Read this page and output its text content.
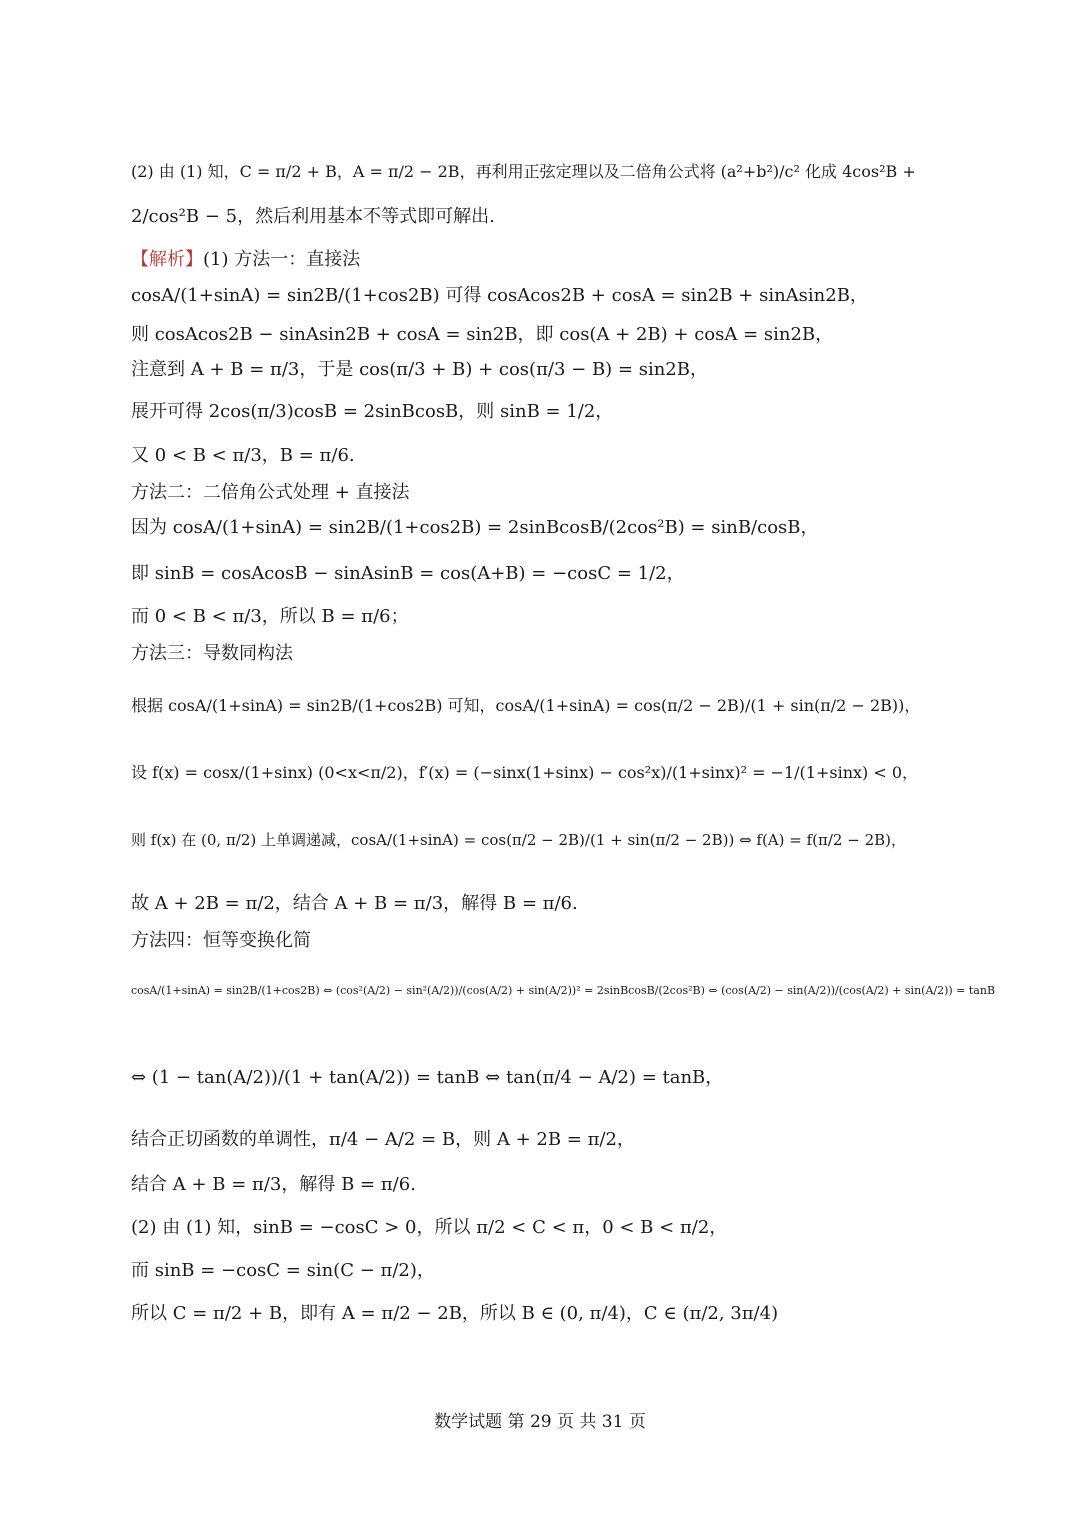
(2) 由 (1) 知，C = π/2 + B，A = π/2 − 2B，再利用正弦定理以及二倍角公式将 (a²+b²)/c² 化成 4cos²B +
2/cos²B − 5，然后利用基本不等式即可解出.
【解析】 (1) 方法一：直接法
cosA/(1+sinA) = sin2B/(1+cos2B) 可得 cosAcos2B + cosA = sin2B + sinAsin2B，
则 cosAcos2B − sinAsin2B + cosA = sin2B，即 cos(A + 2B) + cosA = sin2B，
注意到 A + B = π/3，于是 cos(π/3 + B) + cos(π/3 − B) = sin2B，
展开可得 2cos(π/3)cosB = 2sinBcosB，则 sinB = 1/2，
又 0 < B < π/3，B = π/6.
方法二：二倍角公式处理 + 直接法
因为 cosA/(1+sinA) = sin2B/(1+cos2B) = 2sinBcosB/(2cos²B) = sinB/cosB，
即 sinB = cosAcosB − sinAsinB = cos(A+B) = −cosC = 1/2，
而 0 < B < π/3，所以 B = π/6；
方法三：导数同构法
根据 cosA/(1+sinA) = sin2B/(1+cos2B) 可知，cosA/(1+sinA) = cos(π/2 − 2B)/(1 + sin(π/2 − 2B))，
设 f(x) = cosx/(1+sinx) (0<x<π/2)，f′(x) = (−sinx(1+sinx) − cos²x)/(1+sinx)² = −1/(1+sinx) < 0，
则 f(x) 在 (0, π/2) 上单调递减，cosA/(1+sinA) = cos(π/2 − 2B)/(1 + sin(π/2 − 2B)) ⇔ f(A) = f(π/2 − 2B)，
故 A + 2B = π/2，结合 A + B = π/3，解得 B = π/6.
方法四：恒等变换化简
cosA/(1+sinA) = sin2B/(1+cos2B) ⇔ (cos²(A/2) − sin²(A/2))/(cos(A/2) + sin(A/2))² = 2sinBcosB/(2cos²B) ⇔ (cos(A/2) − sin(A/2))/(cos(A/2) + sin(A/2)) = tanB
⇔ (1 − tan(A/2))/(1 + tan(A/2)) = tanB ⇔ tan(π/4 − A/2) = tanB，
结合正切函数的单调性，π/4 − A/2 = B，则 A + 2B = π/2，
结合 A + B = π/3，解得 B = π/6.
(2) 由 (1) 知，sinB = −cosC > 0，所以 π/2 < C < π，0 < B < π/2，
而 sinB = −cosC = sin(C − π/2)，
所以 C = π/2 + B，即有 A = π/2 − 2B，所以 B ∈ (0, π/4)，C ∈ (π/2, 3π/4)
数学试题 第 29 页 共 31 页
